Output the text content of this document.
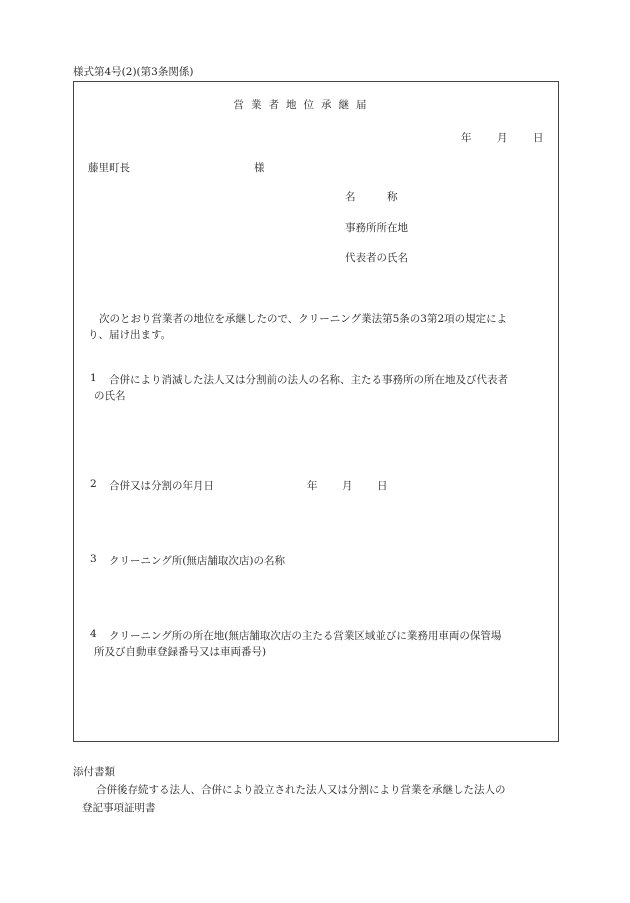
様式第4号(2)(第3条関係)
営 業 者 地 位 承 継 届
年 月 日
藤里町長	様
名　　　称
事務所所在地
代表者の氏名
次のとおり営業者の地位を承継したので、クリーニング業法第5条の3第2項の規定によ
り、届け出ます。
1 合併により消滅した法人又は分割前の法人の名称、主たる事務所の所在地及び代表者
の氏名
2 合併又は分割の年月日	年 月 日
3 クリーニング所(無店舗取次店)の名称
4 クリーニング所の所在地(無店舗取次店の主たる営業区域並びに業務用車両の保管場
所及び自動車登録番号又は車両番号)
添付書類
合併後存続する法人、合併により設立された法人又は分割により営業を承継した法人の
登記事項証明書
